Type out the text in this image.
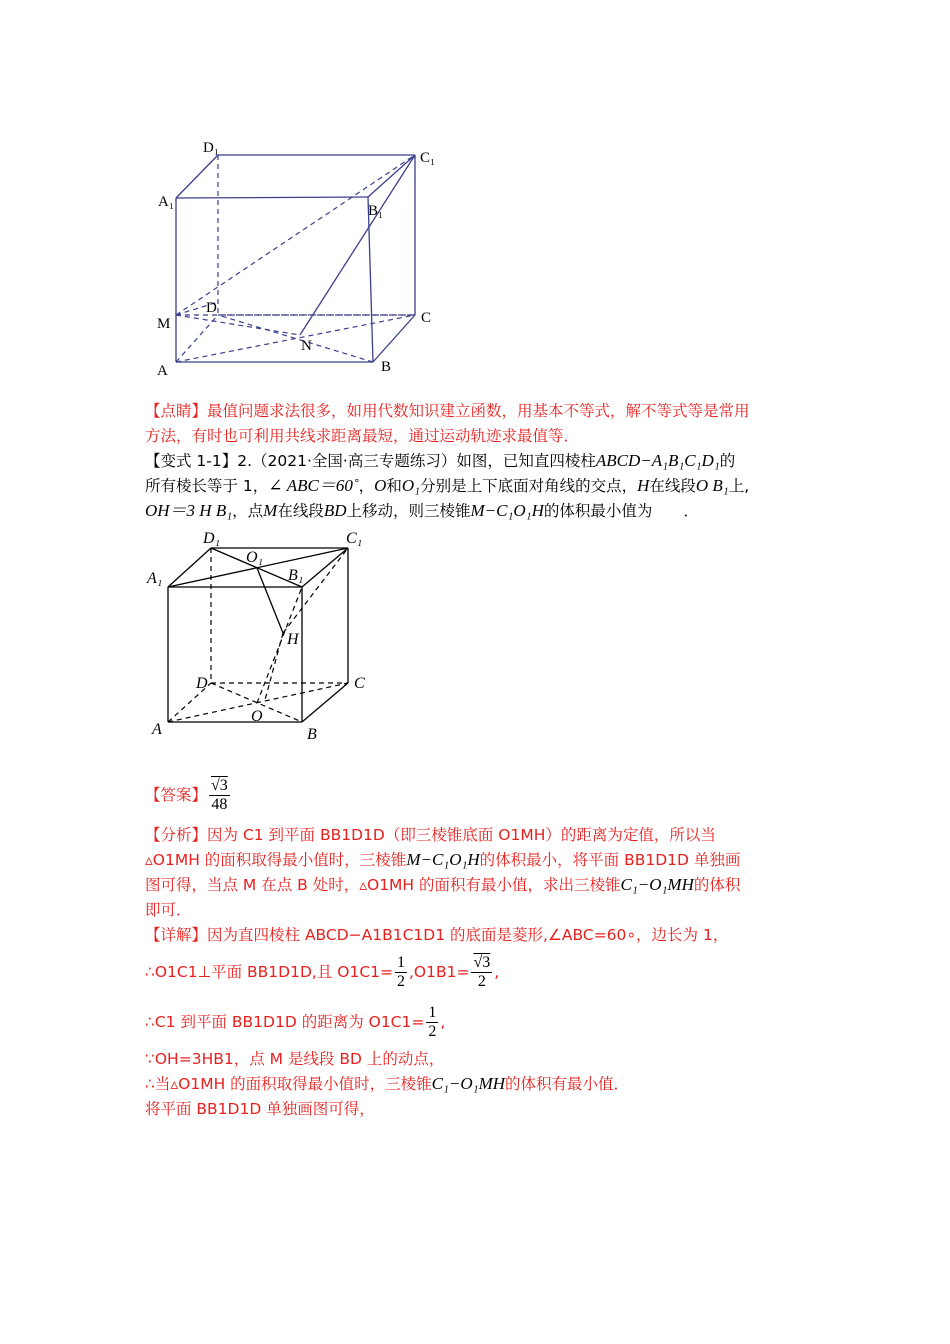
D₁
C₁
A₁
B₁
D
M	C
N
A	B
【点睛】最值问题求法很多，如用代数知识建立函数，用基本不等式，解不等式等是常用
方法，有时也可利用共线求距离最短，通过运动轨迹求最值等．
【变式 1-1】2.（2021·全国·高三专题练习）如图，已知直四棱柱ABCD−A₁B₁C₁D₁的
所有棱长等于 1，∠ ABC＝60˚，O和O₁分别是上下底面对角线的交点，H在线段O B₁上,
OH＝3 H B₁，点M在线段BD上移动，则三棱锥M−C₁O₁H的体积最小值为　　．
D₁
O₁
C₁
A₁	B₁
H
D	C
O
A	B
【答案】 $\frac{√3}{48}$
【分析】因为 C1 到平面 BB1D1D（即三棱锥底面 O1MH）的距离为定值，所以当
▵O1MH 的面积取得最小值时，三棱锥M−C₁O₁H的体积最小，将平面 BB1D1D 单独画
图可得，当点 M 在点 B 处时，▵O1MH 的面积有最小值，求出三棱锥C₁−O₁MH的体积
即可．
【详解】因为直四棱柱 ABCD−A1B1C1D1 的底面是菱形,∠ABC=60∘，边长为 1，
∴O1C1⊥平面 BB1D1D,且 $O1C1= \frac{1}{2} ,O1B1= \frac{√3}{2}$ ,
∴C1 到平面 BB1D1D 的距离为 $O1C1= \frac{1}{2}$ ,
∵OH=3HB1，点 M 是线段 BD 上的动点，
∴当▵O1MH 的面积取得最小值时，三棱锥C₁−O₁MH的体积有最小值．
将平面 BB1D1D 单独画图可得，
